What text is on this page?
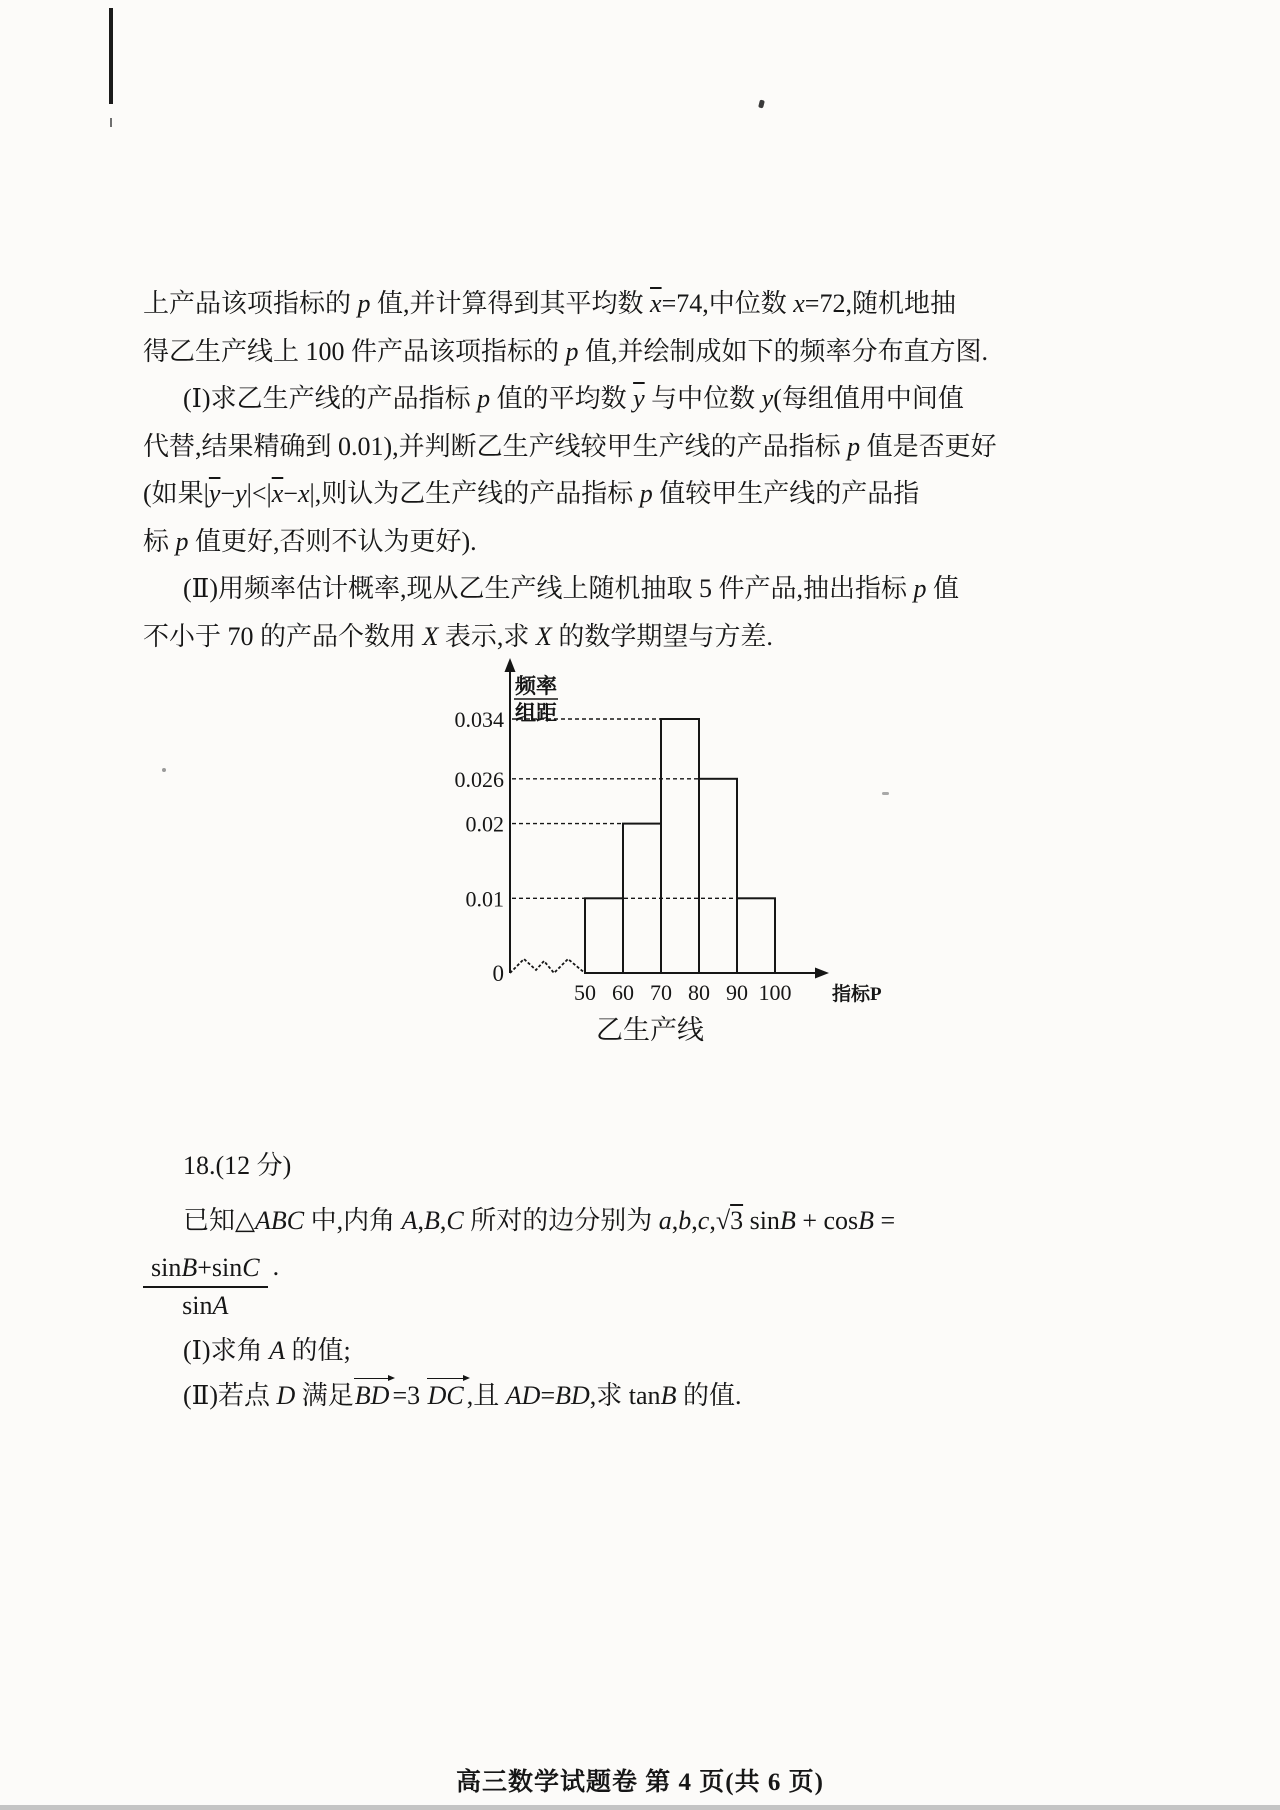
上产品该项指标的 p 值,并计算得到其平均数 $\overline{x}=74$,中位数 x=72,随机地抽
得乙生产线上 100 件产品该项指标的 p 值,并绘制成如下的频率分布直方图.
(Ⅰ)求乙生产线的产品指标 p 值的平均数 $\overline{y}$ 与中位数 y(每组值用中间值
代替,结果精确到 0.01),并判断乙生产线较甲生产线的产品指标 p 值是否更好
(如果$|\overline{y}-y|<|\overline{x}-x|$,则认为乙生产线的产品指标 p 值较甲生产线的产品指
标 p 值更好,否则不认为更好).
(Ⅱ)用频率估计概率,现从乙生产线上随机抽取 5 件产品,抽出指标 p 值
不小于 70 的产品个数用 X 表示,求 X 的数学期望与方差.
频率
组距
0.034
0.026
0.02
0.01
50 60 70 80 90 100
0
指标P
乙生产线
18.(12 分)
已知△ABC 中,内角 A,B,C 所对的边分别为 a,b,c,√3 sinB + cosB =
$\frac{\sin B+\sin C}{\sin A}$ .
(Ⅰ)求角 A 的值;
(Ⅱ)若点 D 满足BD =3 DC ,且 AD=BD,求 tanB 的值.
高三数学试题卷 第 4 页(共 6 页)
